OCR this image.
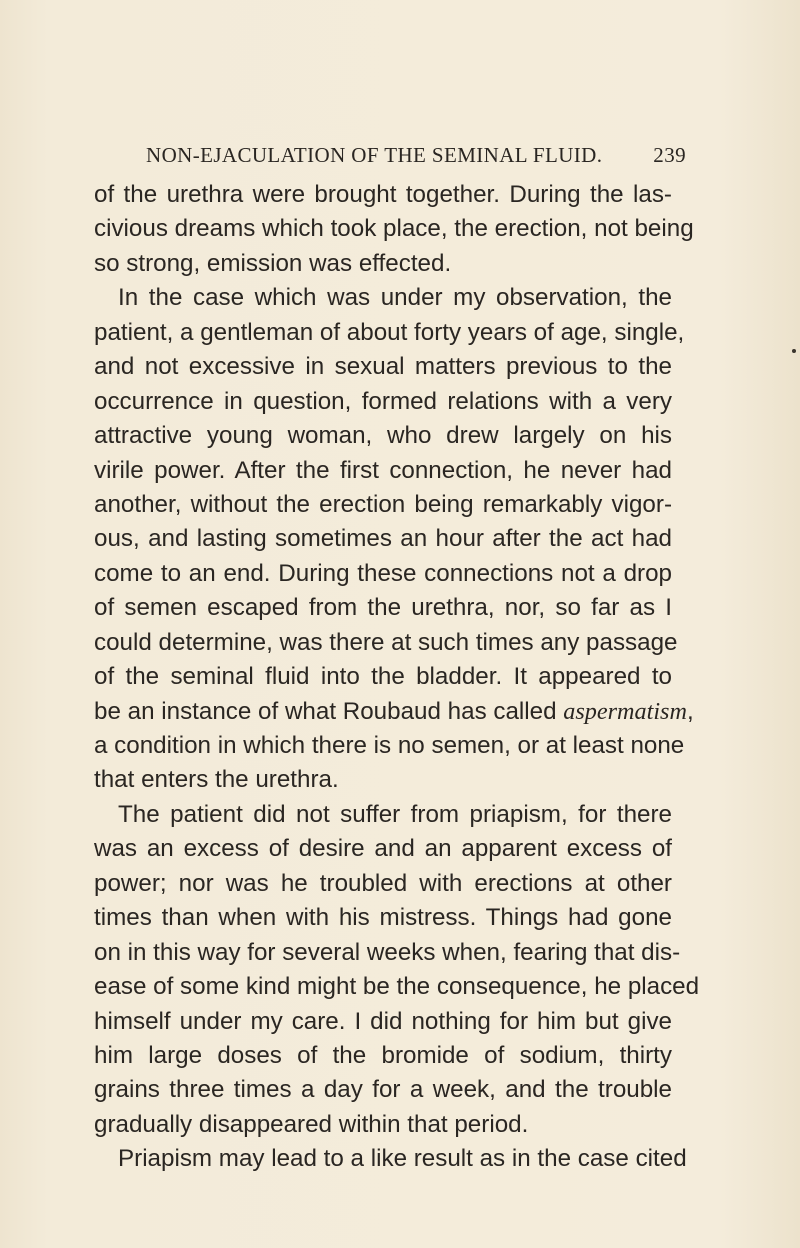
NON-EJACULATION OF THE SEMINAL FLUID. 239
of the urethra were brought together. During the las-
civious dreams which took place, the erection, not being
so strong, emission was effected.
In the case which was under my observation, the
patient, a gentleman of about forty years of age, single,
and not excessive in sexual matters previous to the
occurrence in question, formed relations with a very
attractive young woman, who drew largely on his
virile power. After the first connection, he never had
another, without the erection being remarkably vigor-
ous, and lasting sometimes an hour after the act had
come to an end. During these connections not a drop
of semen escaped from the urethra, nor, so far as I
could determine, was there at such times any passage
of the seminal fluid into the bladder. It appeared to
be an instance of what Roubaud has called aspermatism,
a condition in which there is no semen, or at least none
that enters the urethra.
The patient did not suffer from priapism, for there
was an excess of desire and an apparent excess of
power; nor was he troubled with erections at other
times than when with his mistress. Things had gone
on in this way for several weeks when, fearing that dis-
ease of some kind might be the consequence, he placed
himself under my care. I did nothing for him but give
him large doses of the bromide of sodium, thirty
grains three times a day for a week, and the trouble
gradually disappeared within that period.
Priapism may lead to a like result as in the case cited
